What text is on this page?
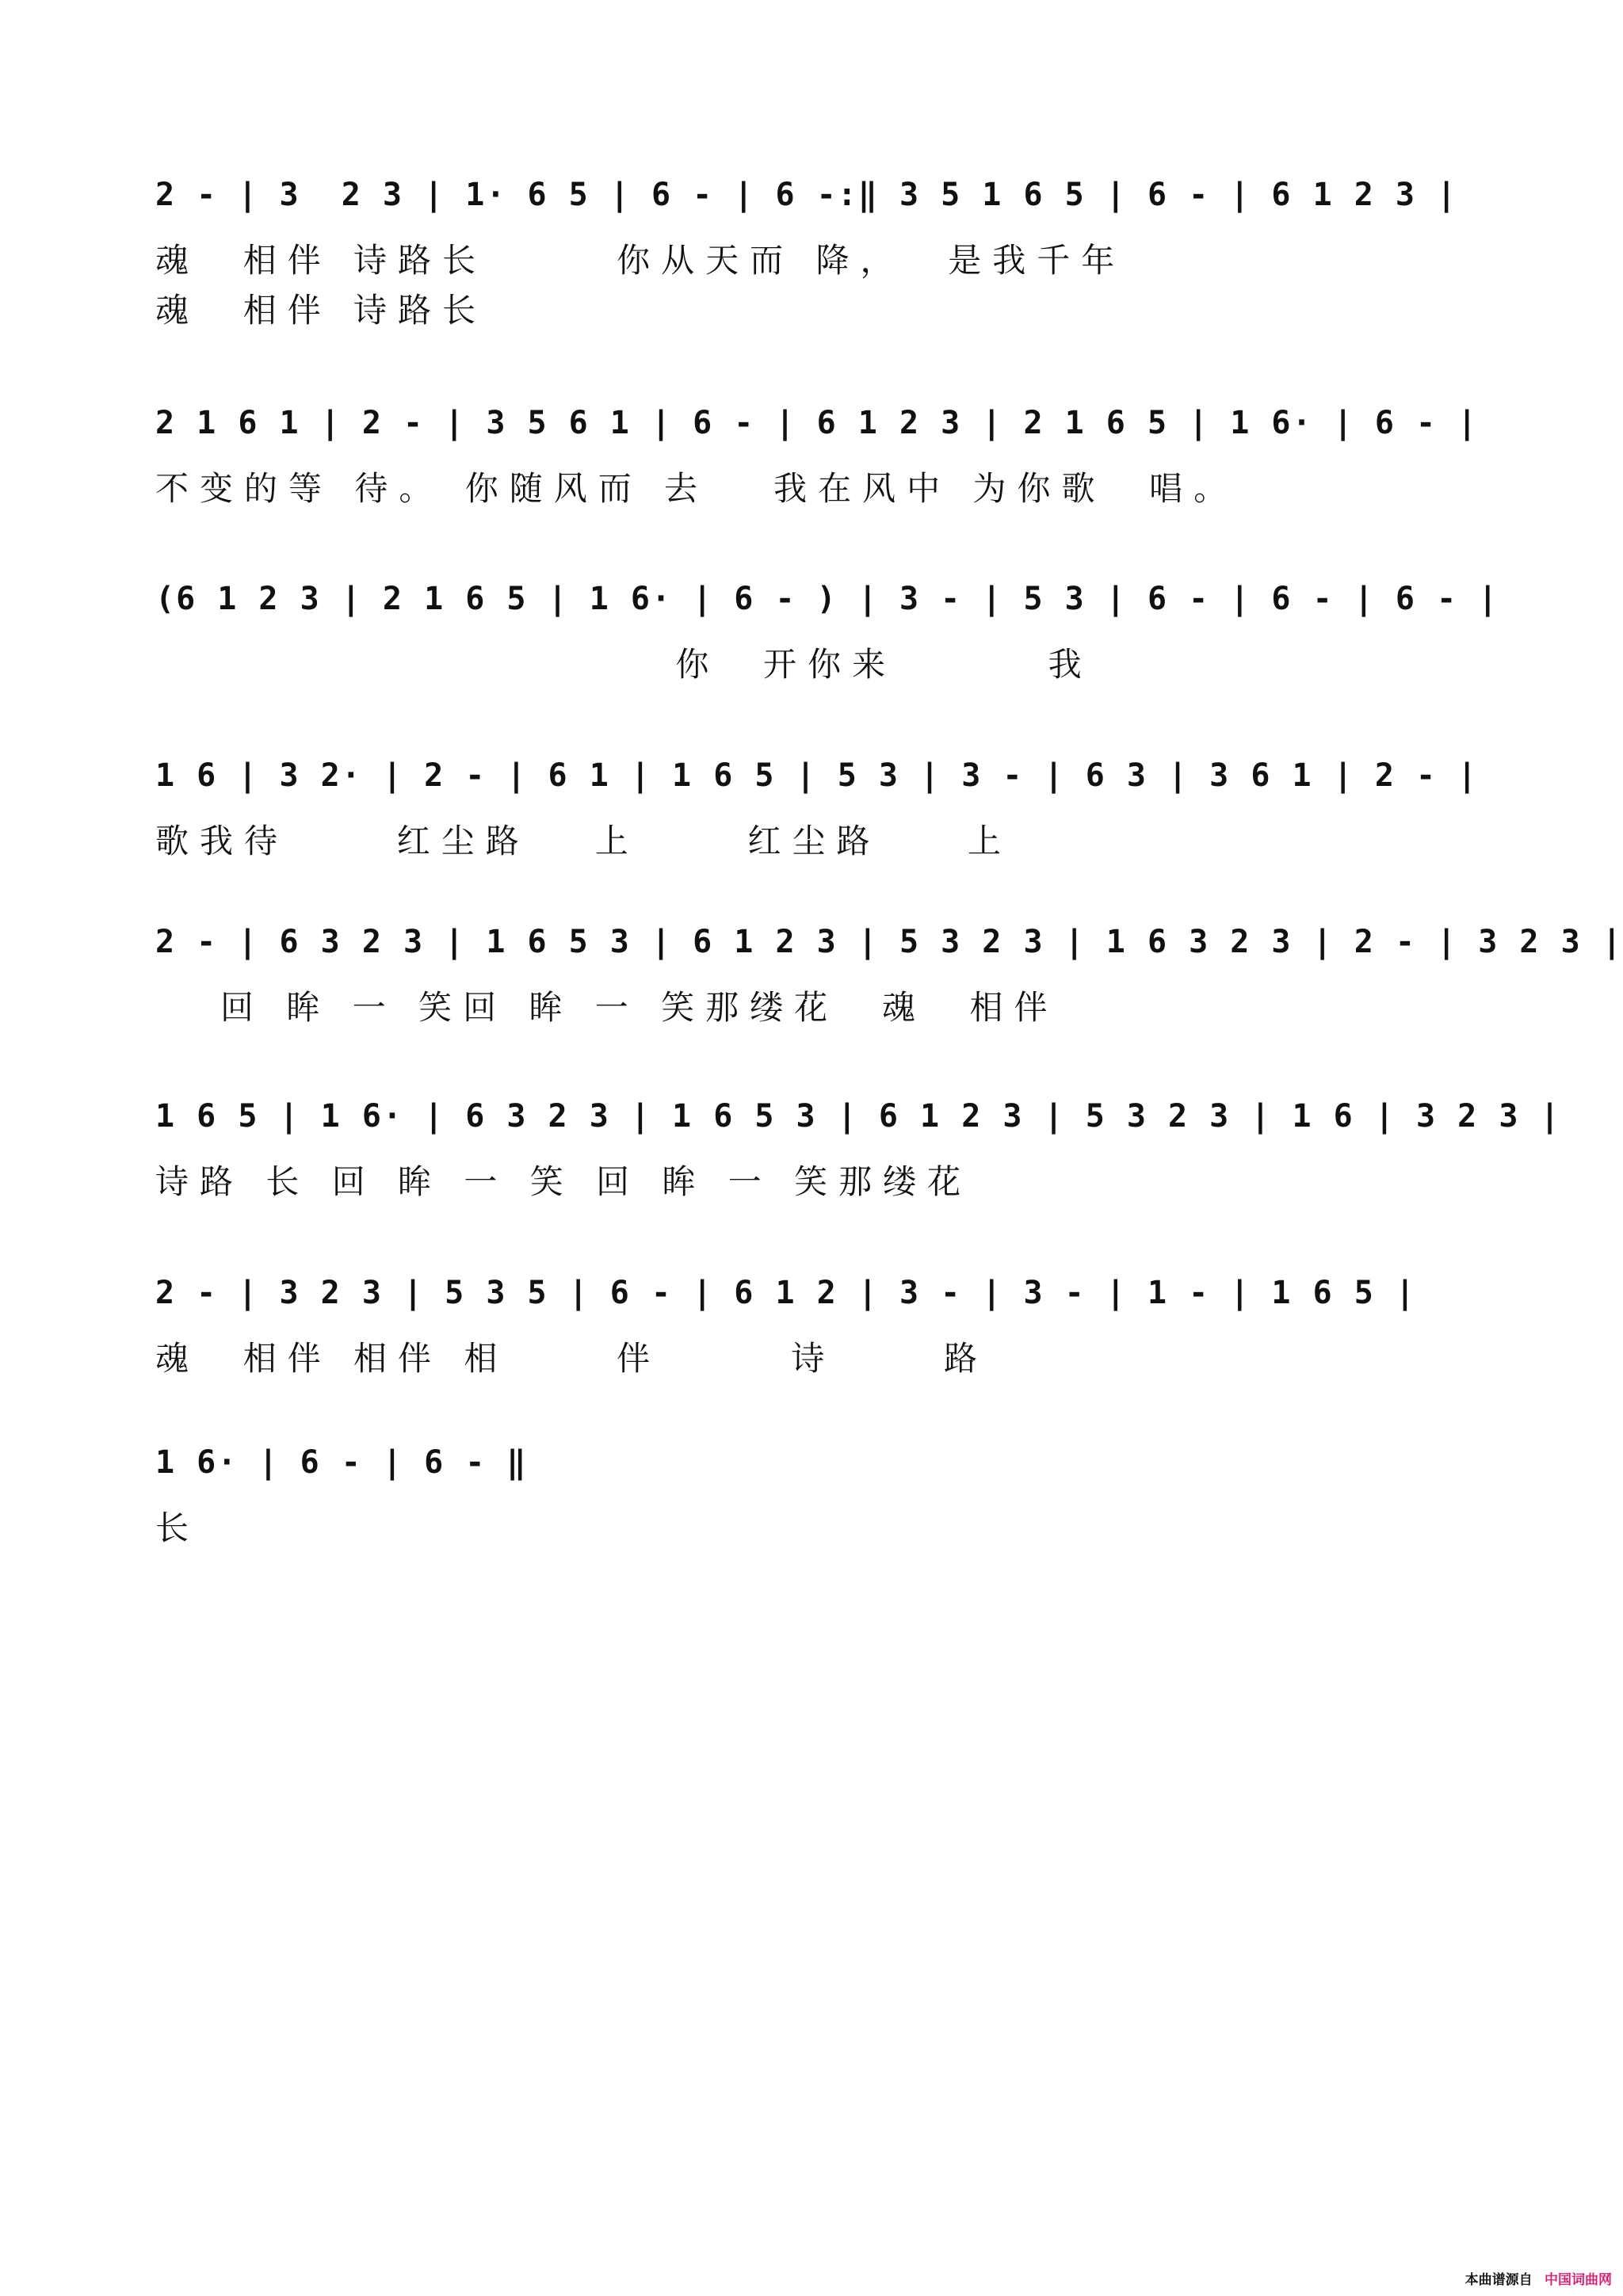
2 - | 3  2 3 | 1· 6 5 | 6 - | 6 -:‖ 3 5 1 6 5 | 6 - | 6 1 2 3 |
魂  相伴 诗路长      你从天而 降，  是我千年
魂  相伴 诗路长
2 1 6 1 | 2 - | 3 5 6 1 | 6 - | 6 1 2 3 | 2 1 6 5 | 1 6· | 6 - |
不变的等 待。 你随风而 去   我在风中 为你歌  唱。
(6 1 2 3 | 2 1 6 5 | 1 6· | 6 - ) | 3 - | 5 3 | 6 - | 6 - | 6 - |
你  开你来       我
1 6 | 3 2· | 2 - | 6 1 | 1 6 5 | 5 3 | 3 - | 6 3 | 3 6 1 | 2 - |
歌我待     红尘路   上     红尘路    上
2 - | 6 3 2 3 | 1 6 5 3 | 6 1 2 3 | 5 3 2 3 | 1 6 3 2 3 | 2 - | 3 2 3 |
回 眸 一 笑回 眸 一 笑那缕花  魂  相伴
1 6 5 | 1 6· | 6 3 2 3 | 1 6 5 3 | 6 1 2 3 | 5 3 2 3 | 1 6 | 3 2 3 |
诗路 长 回 眸 一 笑 回 眸 一 笑那缕花
2 - | 3 2 3 | 5 3 5 | 6 - | 6 1 2 | 3 - | 3 - | 1 - | 1 6 5 |
魂  相伴 相伴 相     伴      诗     路
1 6· | 6 - | 6 - ‖
长
本曲谱源自 中国词曲网
